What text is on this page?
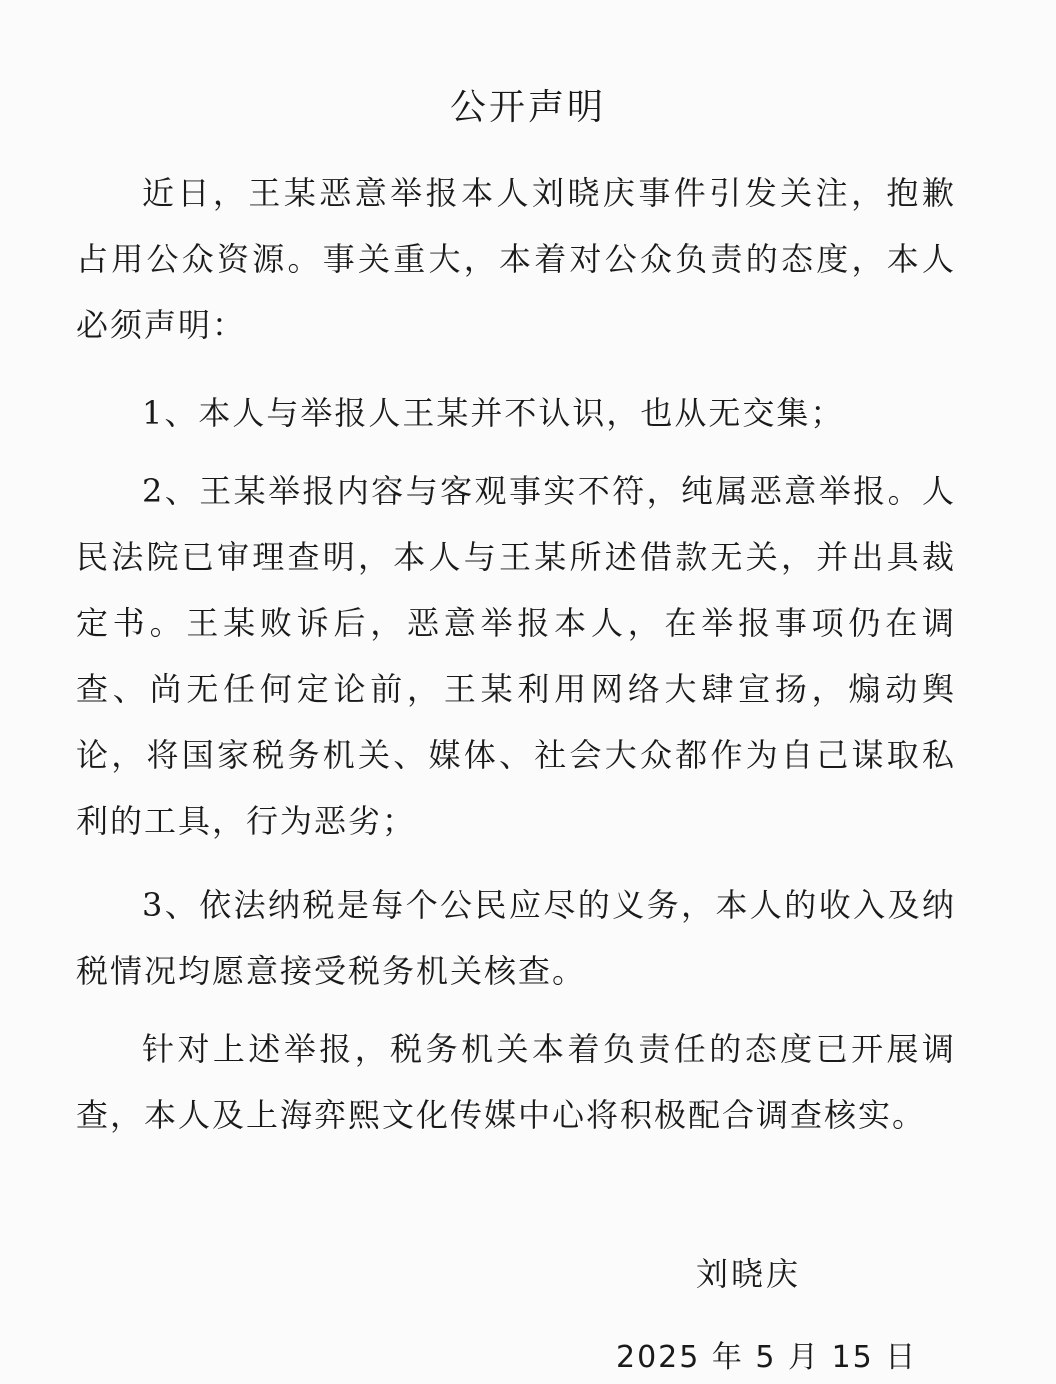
公开声明
近日，王某恶意举报本人刘晓庆事件引发关注，抱歉占用公众资源。事关重大，本着对公众负责的态度，本人必须声明：
1、本人与举报人王某并不认识，也从无交集；
2、王某举报内容与客观事实不符，纯属恶意举报。人民法院已审理查明，本人与王某所述借款无关，并出具裁定书。王某败诉后，恶意举报本人，在举报事项仍在调查、尚无任何定论前，王某利用网络大肆宣扬，煽动舆论，将国家税务机关、媒体、社会大众都作为自己谋取私利的工具，行为恶劣；
3、依法纳税是每个公民应尽的义务，本人的收入及纳税情况均愿意接受税务机关核查。
针对上述举报，税务机关本着负责任的态度已开展调查，本人及上海弈熙文化传媒中心将积极配合调查核实。
刘晓庆
2025 年 5 月 15 日
